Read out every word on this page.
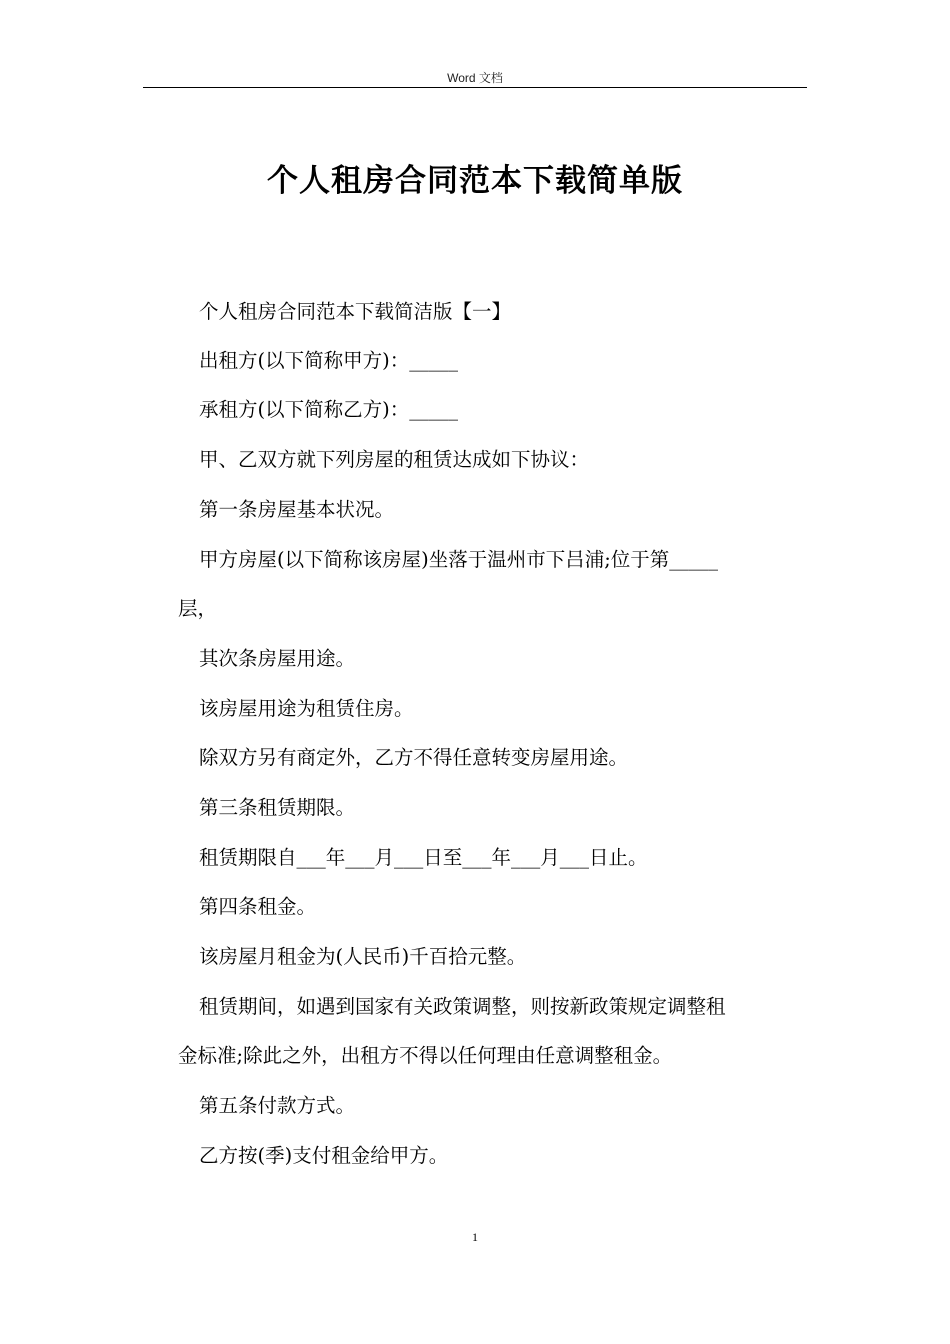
Word 文档
个人租房合同范本下载简单版
个人租房合同范本下载简洁版【一】
出租方(以下简称甲方)：_____
承租方(以下简称乙方)：_____
甲、乙双方就下列房屋的租赁达成如下协议：
第一条房屋基本状况。
甲方房屋(以下简称该房屋)坐落于温州市下吕浦;位于第_____
层，
其次条房屋用途。
该房屋用途为租赁住房。
除双方另有商定外，乙方不得任意转变房屋用途。
第三条租赁期限。
租赁期限自___年___月___日至___年___月___日止。
第四条租金。
该房屋月租金为(人民币)千百拾元整。
租赁期间，如遇到国家有关政策调整，则按新政策规定调整租
金标准;除此之外，出租方不得以任何理由任意调整租金。
第五条付款方式。
乙方按(季)支付租金给甲方。
1
